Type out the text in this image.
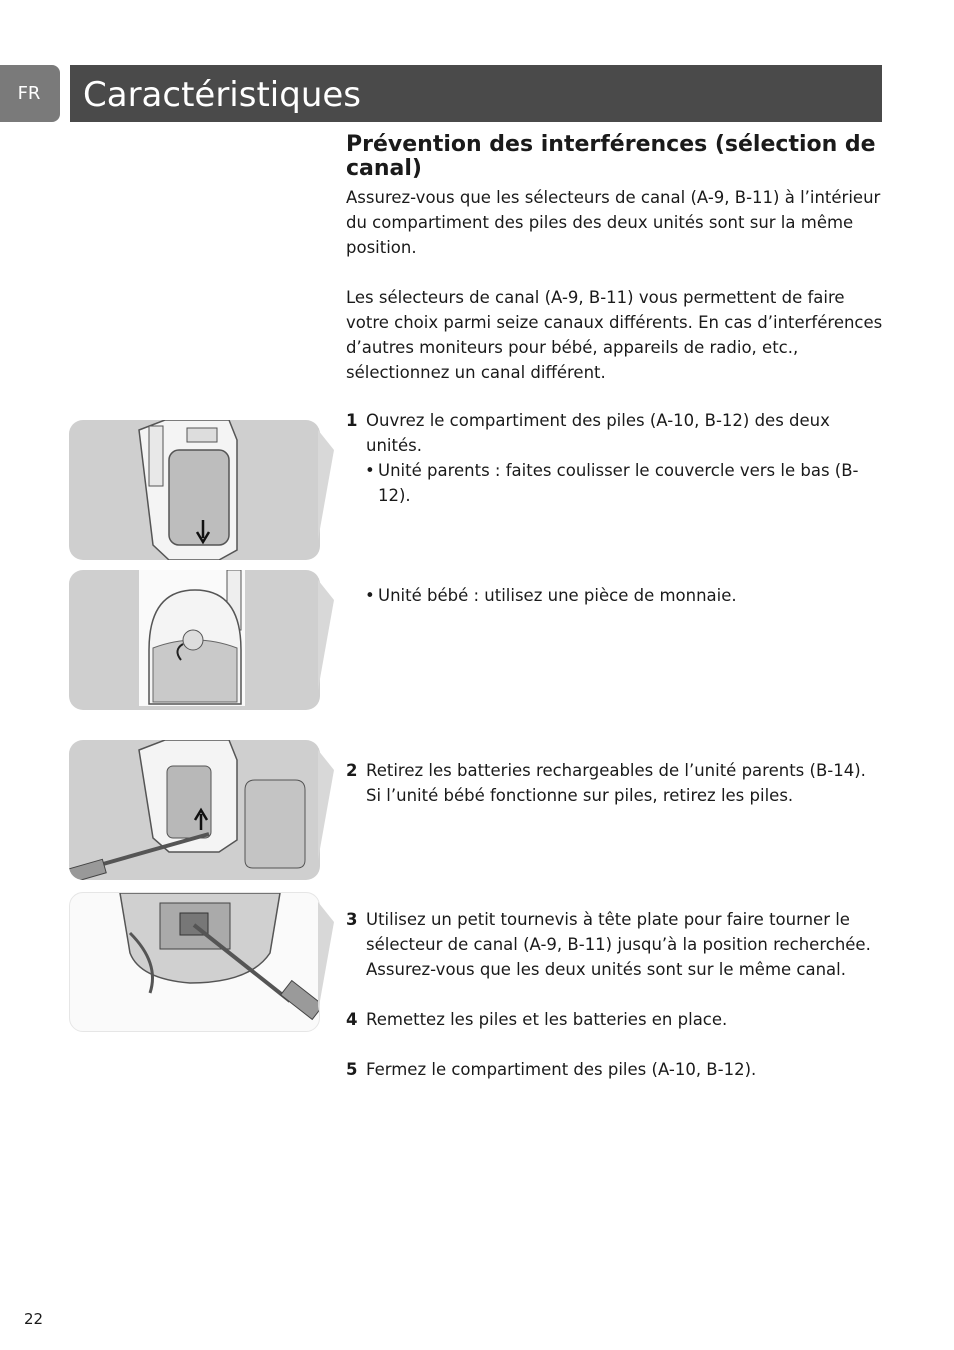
FR	Caractéristiques
Prévention des interférences (sélection de canal)

Assurez-vous que les sélecteurs de canal (A-9, B-11) à l’intérieur du compartiment des piles des deux unités sont sur la même position.

Les sélecteurs de canal (A-9, B-11) vous permettent de faire votre choix parmi seize canaux différents. En cas d’interférences d’autres moniteurs pour bébé, appareils de radio, etc., sélectionnez un canal différent.

1 Ouvrez le compartiment des piles (A-10, B-12) des deux unités.
• Unité parents : faites coulisser le couvercle vers le bas (B-12).
• Unité bébé : utilisez une pièce de monnaie.
2 Retirez les batteries rechargeables de l’unité parents (B-14). Si l’unité bébé fonctionne sur piles, retirez les piles.
3 Utilisez un petit tournevis à tête plate pour faire tourner le sélecteur de canal (A-9, B-11) jusqu’à la position recherchée. Assurez-vous que les deux unités sont sur le même canal.
4 Remettez les piles et les batteries en place.
5 Fermez le compartiment des piles (A-10, B-12).
22
